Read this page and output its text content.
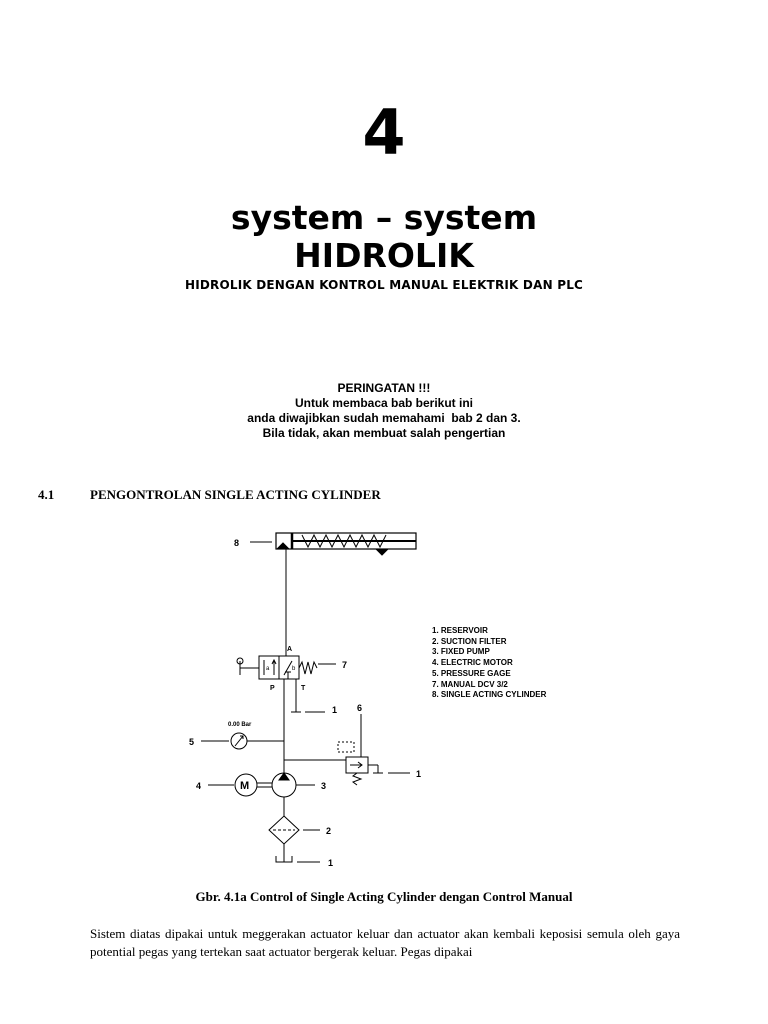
4
system – system
HIDROLIK
HIDROLIK DENGAN KONTROL MANUAL ELEKTRIK DAN PLC
PERINGATAN !!!
Untuk membaca bab berikut ini
anda diwajibkan sudah memahami  bab 2 dan 3.
Bila tidak, akan membuat salah pengertian
4.1	PENGONTROLAN SINGLE ACTING CYLINDER
8
a	b
A
P	T
7
1
0.00 Bar
5
6
1
M
4	3
2
1
1. RESERVOIR
2. SUCTION FILTER
3. FIXED PUMP
4. ELECTRIC MOTOR
5. PRESSURE GAGE
7. MANUAL DCV 3/2
8. SINGLE ACTING CYLINDER
Gbr. 4.1a Control of Single Acting Cylinder dengan Control Manual
Sistem diatas dipakai untuk meggerakan actuator keluar dan actuator akan kembali keposisi semula oleh gaya potential pegas yang tertekan saat actuator bergerak keluar. Pegas dipakai
